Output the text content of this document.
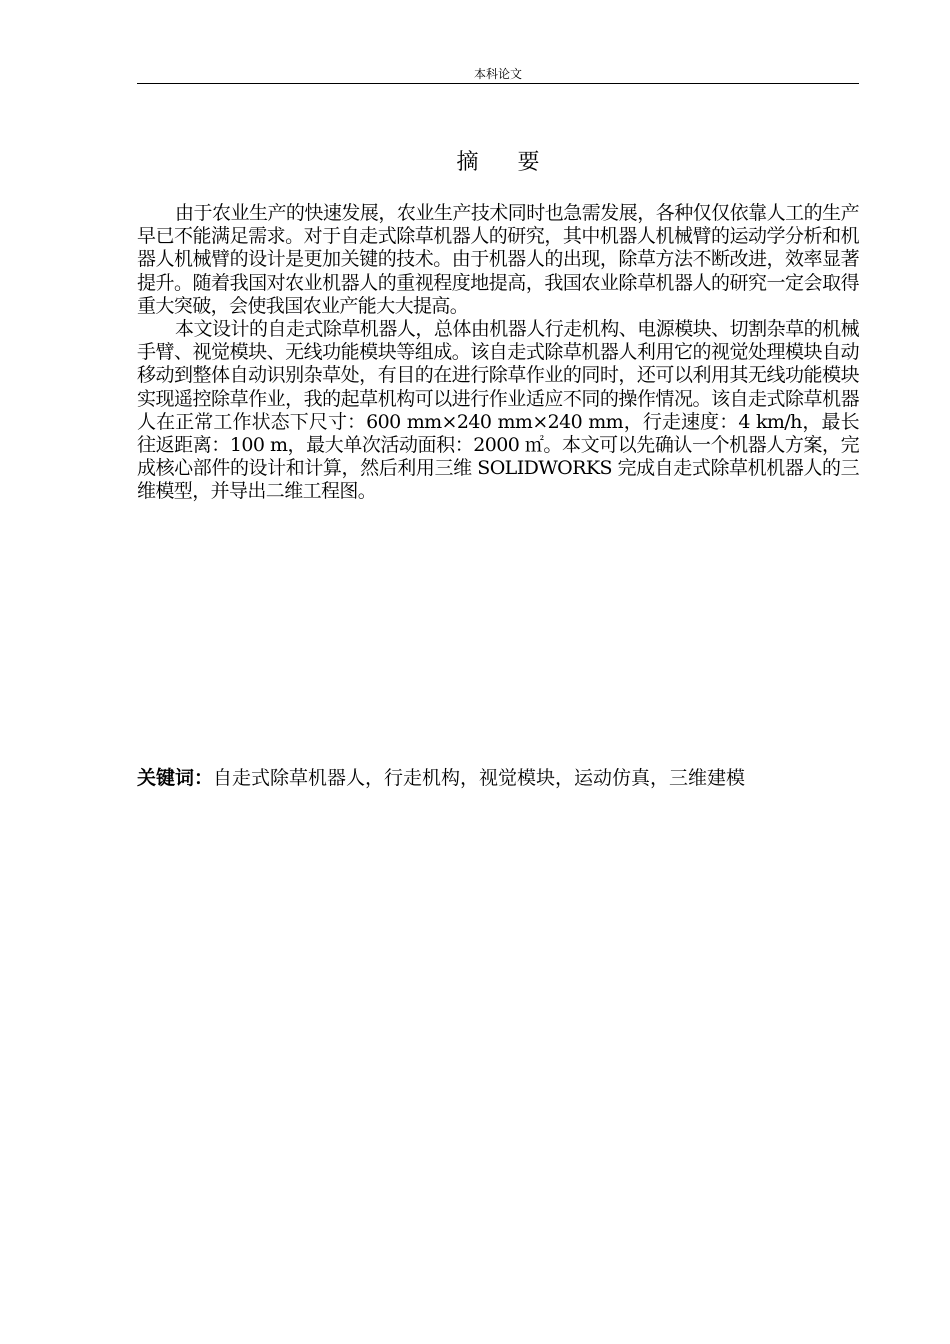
本科论文
摘 要

由于农业生产的快速发展，农业生产技术同时也急需发展，各种仅仅依靠人工的生产早已不能满足需求。对于自走式除草机器人的研究，其中机器人机械臂的运动学分析和机器人机械臂的设计是更加关键的技术。由于机器人的出现，除草方法不断改进，效率显著提升。随着我国对农业机器人的重视程度地提高，我国农业除草机器人的研究一定会取得重大突破，会使我国农业产能大大提高。

本文设计的自走式除草机器人，总体由机器人行走机构、电源模块、切割杂草的机械手臂、视觉模块、无线功能模块等组成。该自走式除草机器人利用它的视觉处理模块自动移动到整体自动识别杂草处，有目的在进行除草作业的同时，还可以利用其无线功能模块实现遥控除草作业，我的起草机构可以进行作业适应不同的操作情况。该自走式除草机器人在正常工作状态下尺寸：600 mm×240 mm×240 mm，行走速度：4 km/h，最长往返距离：100 m，最大单次活动面积：2000 ㎡。本文可以先确认一个机器人方案，完成核心部件的设计和计算，然后利用三维 SOLIDWORKS 完成自走式除草机机器人的三维模型，并导出二维工程图。

关键词：自走式除草机器人，行走机构，视觉模块，运动仿真，三维建模
